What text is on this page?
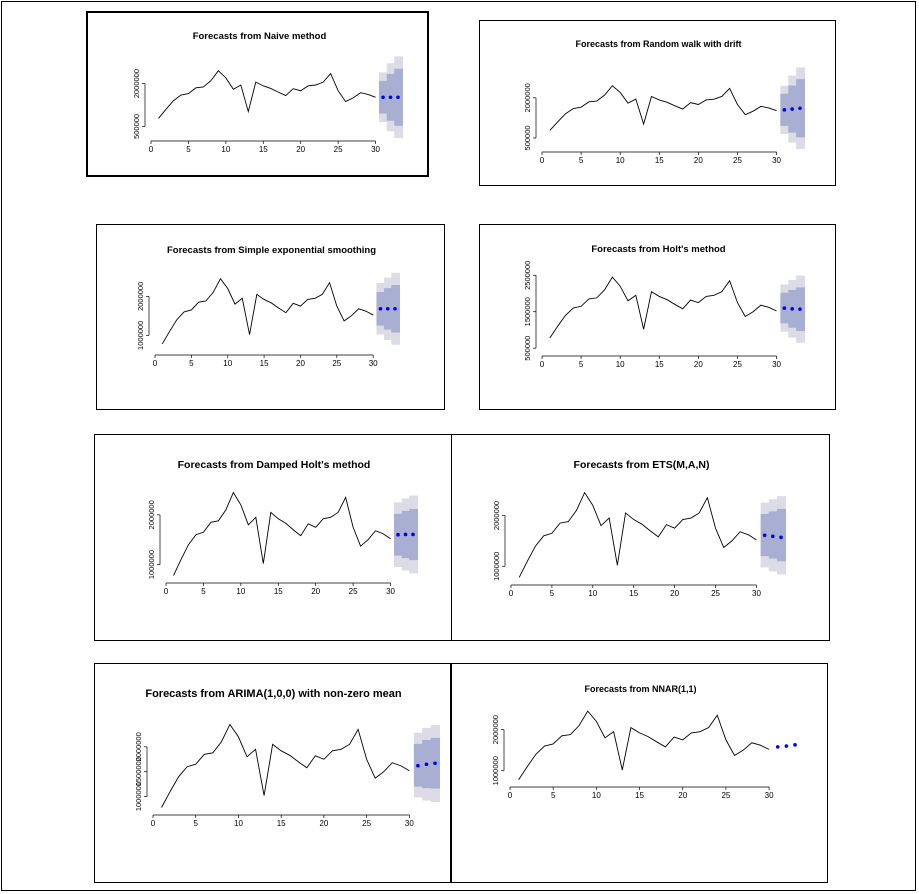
Forecasts from Naive method
0	5	10	15	20	25	30
500000
2000000
Forecasts from Random walk with drift
0	5	10	15	20	25	30
500000
2000000
Forecasts from Simple exponential smoothing
0	5	10	15	20	25	30
1000000
2000000
Forecasts from Holt's method
0	5	10	15	20	25	30
500000
1500000
2500000
Forecasts from Damped Holt's method
0	5	10	15	20	25	30
1000000
2000000
Forecasts from ETS(M,A,N)
0	5	10	15	20	25	30
1000000
2000000
Forecasts from ARIMA(1,0,0) with non-zero mean
0	5	10	15	20	25	30
1000000
1500000
2000000
Forecasts from NNAR(1,1)
0	5	10	15	20	25	30
1000000
2000000
